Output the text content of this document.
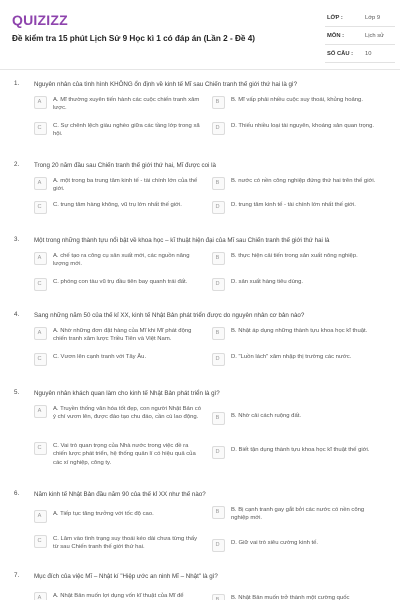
QUIZIZZ
Đề kiểm tra 15 phút Lịch Sử 9 Học kì 1 có đáp án (Lần 2 - Đề 4)
LỚP :	Lớp 9
MÔN :	Lịch sử
SỐ CÂU : 10
1. Nguyên nhân của tình hình KHÔNG ổn định về kinh tế Mĩ sau Chiến tranh thế giới thứ hai là gì?
A	A. Mĩ thường xuyên tiến hành các cuộc chiến tranh xâm lược.
B	B. Mĩ vấp phải nhiều cuộc suy thoái, khủng hoảng.
C	C. Sự chênh lệch giàu nghèo giữa các tầng lớp trong xã hội.
D	D. Thiếu nhiều loại tài nguyên, khoáng sản quan trọng.
2. Trong 20 năm đầu sau Chiến tranh thế giới thứ hai, Mĩ được coi là
A	A. một trong ba trung tâm kinh tế - tài chính lớn của thế giới.
B	B. nước có nền công nghiệp đứng thứ hai trên thế giới.
C	C. trung tâm hàng không, vũ trụ lớn nhất thế giới.	D	D. trung tâm kinh tế - tài chính lớn nhất thế giới.
3. Một trong những thành tựu nổi bật về khoa học – kĩ thuật hiện đại của Mĩ sau Chiến tranh thế giới thứ hai là
A	A. chế tạo ra công cụ sản xuất mới, các nguồn năng lượng mới.
B	B. thực hiện cải tiến trong sản xuất nông nghiệp.
C	C. phóng con tàu vũ trụ đầu tiên bay quanh trái đất.	D	D. sản xuất hàng tiêu dùng.
4. Sang những năm 50 của thế kỉ XX, kinh tế Nhật Bản phát triển được do nguyên nhân cơ bản nào?
A	A. Nhờ những đơn đặt hàng của Mĩ khi Mĩ phát động chiến tranh xâm lược Triều Tiên và Việt Nam.
B	B. Nhật áp dụng những thành tựu khoa học kĩ thuật.
C	C. Vươn lên cạnh tranh với Tây Âu.	D	D. "Luồn lách" xâm nhập thị trường các nước.
5. Nguyên nhân khách quan làm cho kinh tế Nhật Bản phát triển là gì?
A	A. Truyền thống văn hóa tốt đẹp, con người Nhật Bản có ý chí vươn lên, được đào tạo chu đáo, cần cù lao động.	B	B. Nhờ cải cách ruộng đất.
C	C. Vai trò quan trọng của Nhà nước trong việc đề ra chiến lược phát triển, hệ thống quản lí có hiệu quả của các xí nghiệp, công ty.
D	D. Biết tận dụng thành tựu khoa học kĩ thuật thế giới.
6. Năm kinh tế Nhật Bản đầu năm 90 của thế kỉ XX như thế nào?
A	A. Tiếp tục tăng trưởng với tốc độ cao.	B	B. Bị cạnh tranh gay gắt bởi các nước có nền công nghiệp mới.
C	C. Lâm vào tình trạng suy thoái kéo dài chưa từng thấy từ sau Chiến tranh thế giới thứ hai.	D	D. Giữ vai trò siêu cường kinh tế.
7. Mục đích của việc Mĩ – Nhật kí "Hiệp ước an ninh Mĩ – Nhật" là gì?
A	A. Nhật Bản muốn lợi dụng vốn kĩ thuật của Mĩ để
B	B. Nhật Bản muốn trở thành một cường quốc
